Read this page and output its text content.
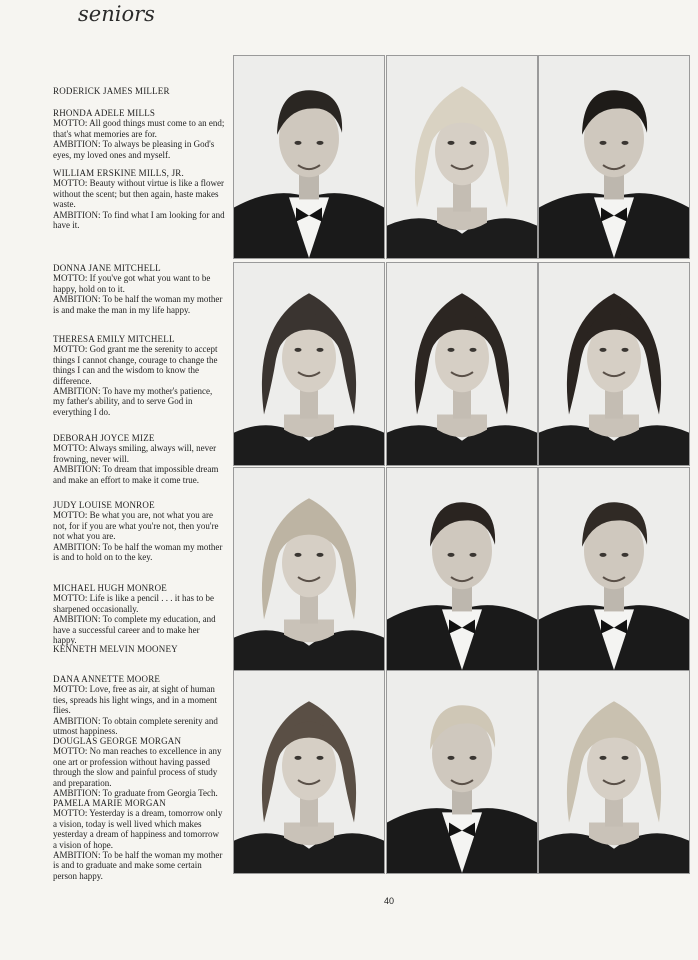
seniors
RODERICK JAMES MILLER
RHONDA ADELE MILLS
MOTTO: All good things must come to an end; that's what memories are for.
AMBITION: To always be pleasing in God's eyes, my loved ones and myself.
WILLIAM ERSKINE MILLS, JR.
MOTTO: Beauty without virtue is like a flower without the scent; but then again, haste makes waste.
AMBITION: To find what I am looking for and have it.
DONNA JANE MITCHELL
MOTTO: If you've got what you want to be happy, hold on to it.
AMBITION: To be half the woman my mother is and make the man in my life happy.
THERESA EMILY MITCHELL
MOTTO: God grant me the serenity to accept things I cannot change, courage to change the things I can and the wisdom to know the difference.
AMBITION: To have my mother's patience, my father's ability, and to serve God in everything I do.
DEBORAH JOYCE MIZE
MOTTO: Always smiling, always will, never frowning, never will.
AMBITION: To dream that impossible dream and make an effort to make it come true.
JUDY LOUISE MONROE
MOTTO: Be what you are, not what you are not, for if you are what you're not, then you're not what you are.
AMBITION: To be half the woman my mother is and to hold on to the key.
MICHAEL HUGH MONROE
MOTTO: Life is like a pencil . . . it has to be sharpened occasionally.
AMBITION: To complete my education, and have a successful career and to make her happy.
KENNETH MELVIN MOONEY
DANA ANNETTE MOORE
MOTTO: Love, free as air, at sight of human ties, spreads his light wings, and in a moment flies.
AMBITION: To obtain complete serenity and utmost happiness.
DOUGLAS GEORGE MORGAN
MOTTO: No man reaches to excellence in any one art or profession without having passed through the slow and painful process of study and preparation.
AMBITION: To graduate from Georgia Tech.
PAMELA MARIE MORGAN
MOTTO: Yesterday is a dream, tomorrow only a vision, today is well lived which makes yesterday a dream of happiness and tomorrow a vision of hope.
AMBITION: To be half the woman my mother is and to graduate and make some certain person happy.
40
